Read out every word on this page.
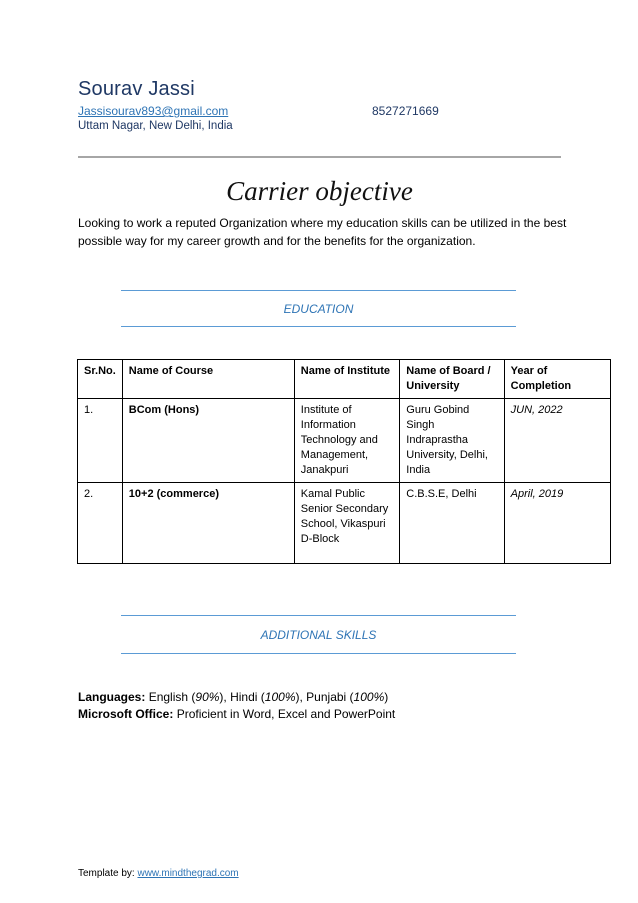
Sourav Jassi
Jassisourav893@gmail.com	8527271669
Uttam Nagar, New Delhi, India
Carrier objective
Looking to work a reputed Organization where my education skills can be utilized in the best possible way for my career growth and for the benefits for the organization.
EDUCATION
Sr.No.	Name of Course	Name of Institute	Name of Board / University	Year of Completion
1.	BCom (Hons)	Institute of Information Technology and Management, Janakpuri	Guru Gobind Singh Indraprastha University, Delhi, India	JUN, 2022
2.	10+2 (commerce)	Kamal Public Senior Secondary School, Vikaspuri D-Block	C.B.S.E, Delhi	April, 2019
ADDITIONAL SKILLS
Languages: English (90%), Hindi (100%), Punjabi (100%)
Microsoft Office: Proficient in Word, Excel and PowerPoint
Template by: www.mindthegrad.com
